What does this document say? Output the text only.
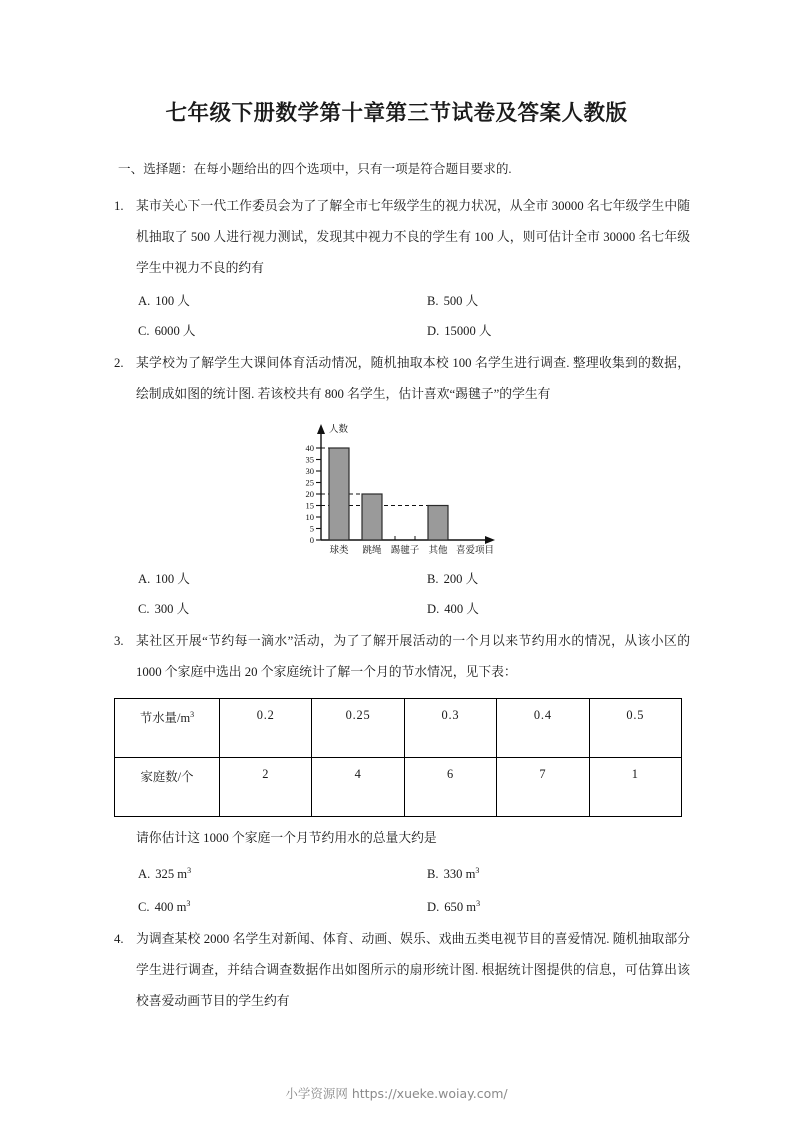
七年级下册数学第十章第三节试卷及答案人教版
一、选择题：在每小题给出的四个选项中，只有一项是符合题目要求的.
1. 某市关心下一代工作委员会为了了解全市七年级学生的视力状况，从全市 30000 名七年级学生中随机抽取了 500 人进行视力测试，发现其中视力不良的学生有 100 人，则可估计全市 30000 名七年级学生中视力不良的约有
A. 100 人	B. 500 人
C. 6000 人	D. 15000 人
2. 某学校为了解学生大课间体育活动情况，随机抽取本校 100 名学生进行调查. 整理收集到的数据，绘制成如图的统计图. 若该校共有 800 名学生，估计喜欢“踢毽子”的学生有
0
5
10
15
20
25
30
35
40
人数
球类 跳绳 踢毽子 其他 喜爱项目
A. 100 人	B. 200 人
C. 300 人	D. 400 人
3. 某社区开展“节约每一滴水”活动，为了了解开展活动的一个月以来节约用水的情况，从该小区的 1000 个家庭中选出 20 个家庭统计了解一个月的节水情况，见下表：
节水量$/m^3$	0.2	0.25	0.3	0.4	0.5
家庭数/个	2	4	6	7	1
请你估计这 1000 个家庭一个月节约用水的总量大约是
A. 325 $m^3$	B. 330 $m^3$
C. 400 $m^3$	D. 650 $m^3$
4. 为调查某校 2000 名学生对新闻、体育、动画、娱乐、戏曲五类电视节目的喜爱情况. 随机抽取部分学生进行调查，并结合调查数据作出如图所示的扇形统计图. 根据统计图提供的信息，可估算出该校喜爱动画节目的学生约有
小学资源网 https://xueke.woiay.com/
